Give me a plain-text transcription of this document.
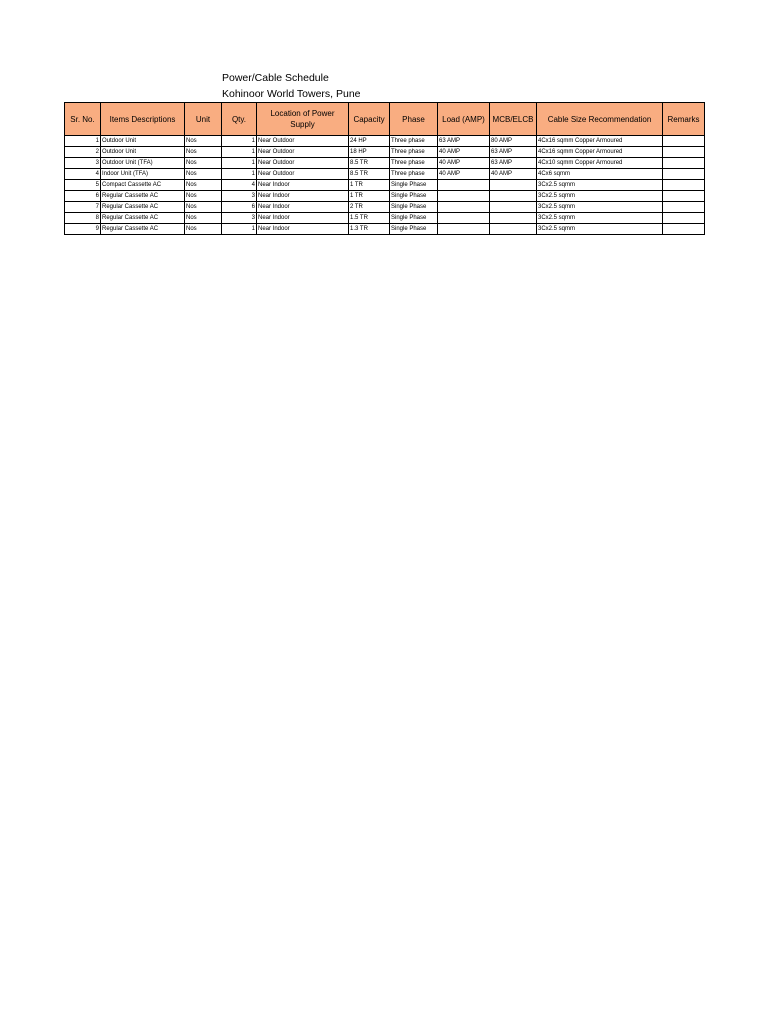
Power/Cable Schedule
Kohinoor World Towers, Pune
Sr. No.	Items Descriptions	Unit	Qty.	Location of Power Supply	Capacity	Phase	Load (AMP)	MCB/ELCB	Cable Size Recommendation	Remarks
1	Outdoor Unit	Nos	1	Near Outdoor	24 HP	Three phase	63 AMP	80 AMP	4Cx16 sqmm Copper Armoured	
2	Outdoor Unit	Nos	1	Near Outdoor	18 HP	Three phase	40 AMP	63 AMP	4Cx16 sqmm Copper Armoured	
3	Outdoor Unit (TFA)	Nos	1	Near Outdoor	8.5 TR	Three phase	40 AMP	63 AMP	4Cx10 sqmm Copper Armoured	
4	Indoor Unit (TFA)	Nos	1	Near Outdoor	8.5 TR	Three phase	40 AMP	40 AMP	4Cx6 sqmm	
5	Compact Cassette AC	Nos	4	Near Indoor	1 TR	Single Phase			3Cx2.5 sqmm	
6	Regular Cassette AC	Nos	3	Near Indoor	1 TR	Single Phase			3Cx2.5 sqmm	
7	Regular Cassette AC	Nos	6	Near Indoor	2 TR	Single Phase			3Cx2.5 sqmm	
8	Regular Cassette AC	Nos	3	Near Indoor	1.5 TR	Single Phase			3Cx2.5 sqmm	
9	Regular Cassette AC	Nos	1	Near Indoor	1.3 TR	Single Phase			3Cx2.5 sqmm	
